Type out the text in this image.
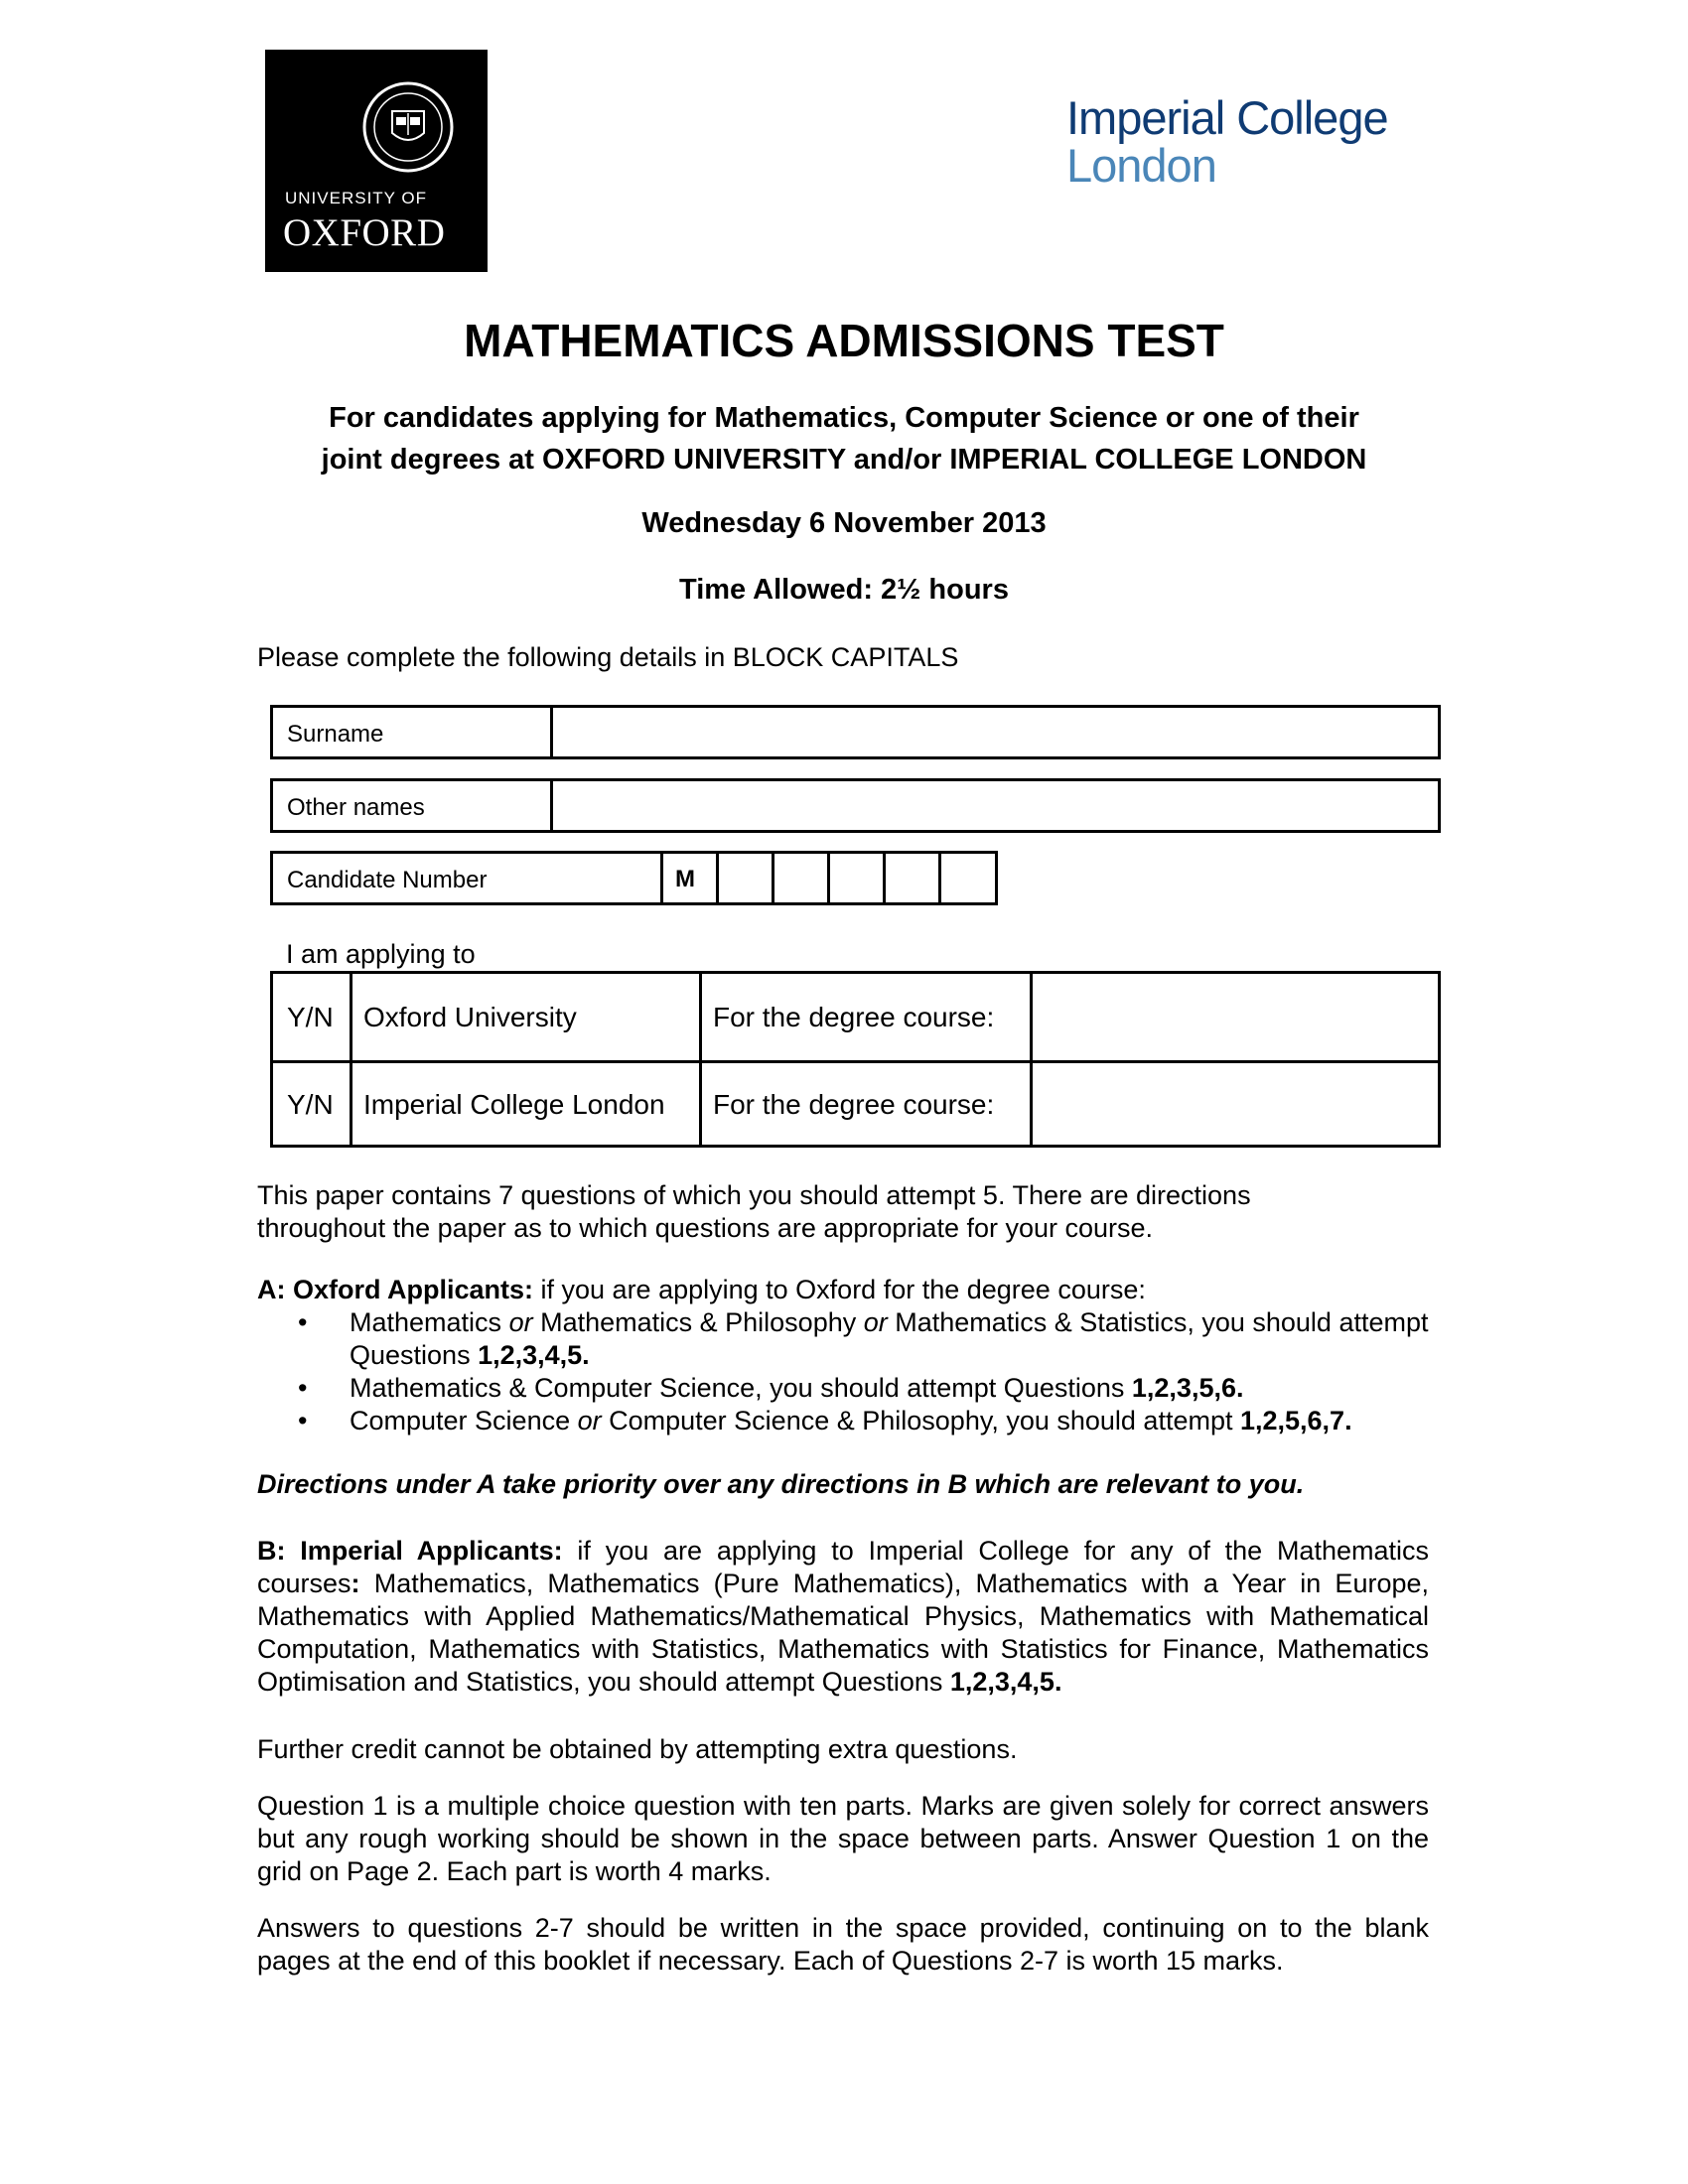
UNIVERSITY OF
OXFORD
Imperial College
London
MATHEMATICS ADMISSIONS TEST
For candidates applying for Mathematics, Computer Science or one of their
joint degrees at OXFORD UNIVERSITY and/or IMPERIAL COLLEGE LONDON
Wednesday 6 November 2013
Time Allowed: 2½ hours
Please complete the following details in BLOCK CAPITALS
Surname
Other names
Candidate Number	M
I am applying to
Y/N Oxford University	For the degree course:
Y/N Imperial College London For the degree course:
This paper contains 7 questions of which you should attempt 5. There are directions
throughout the paper as to which questions are appropriate for your course.
A: Oxford Applicants: if you are applying to Oxford for the degree course:
• Mathematics or Mathematics & Philosophy or Mathematics & Statistics, you should attempt Questions 1,2,3,4,5.
• Mathematics & Computer Science, you should attempt Questions 1,2,3,5,6.
• Computer Science or Computer Science & Philosophy, you should attempt 1,2,5,6,7.
Directions under A take priority over any directions in B which are relevant to you.
B: Imperial Applicants: if you are applying to Imperial College for any of the Mathematics courses: Mathematics, Mathematics (Pure Mathematics), Mathematics with a Year in Europe, Mathematics with Applied Mathematics/Mathematical Physics, Mathematics with Mathematical Computation, Mathematics with Statistics, Mathematics with Statistics for Finance, Mathematics Optimisation and Statistics, you should attempt Questions 1,2,3,4,5.
Further credit cannot be obtained by attempting extra questions.
Question 1 is a multiple choice question with ten parts. Marks are given solely for correct answers but any rough working should be shown in the space between parts. Answer Question 1 on the grid on Page 2. Each part is worth 4 marks.
Answers to questions 2-7 should be written in the space provided, continuing on to the blank pages at the end of this booklet if necessary. Each of Questions 2-7 is worth 15 marks.
